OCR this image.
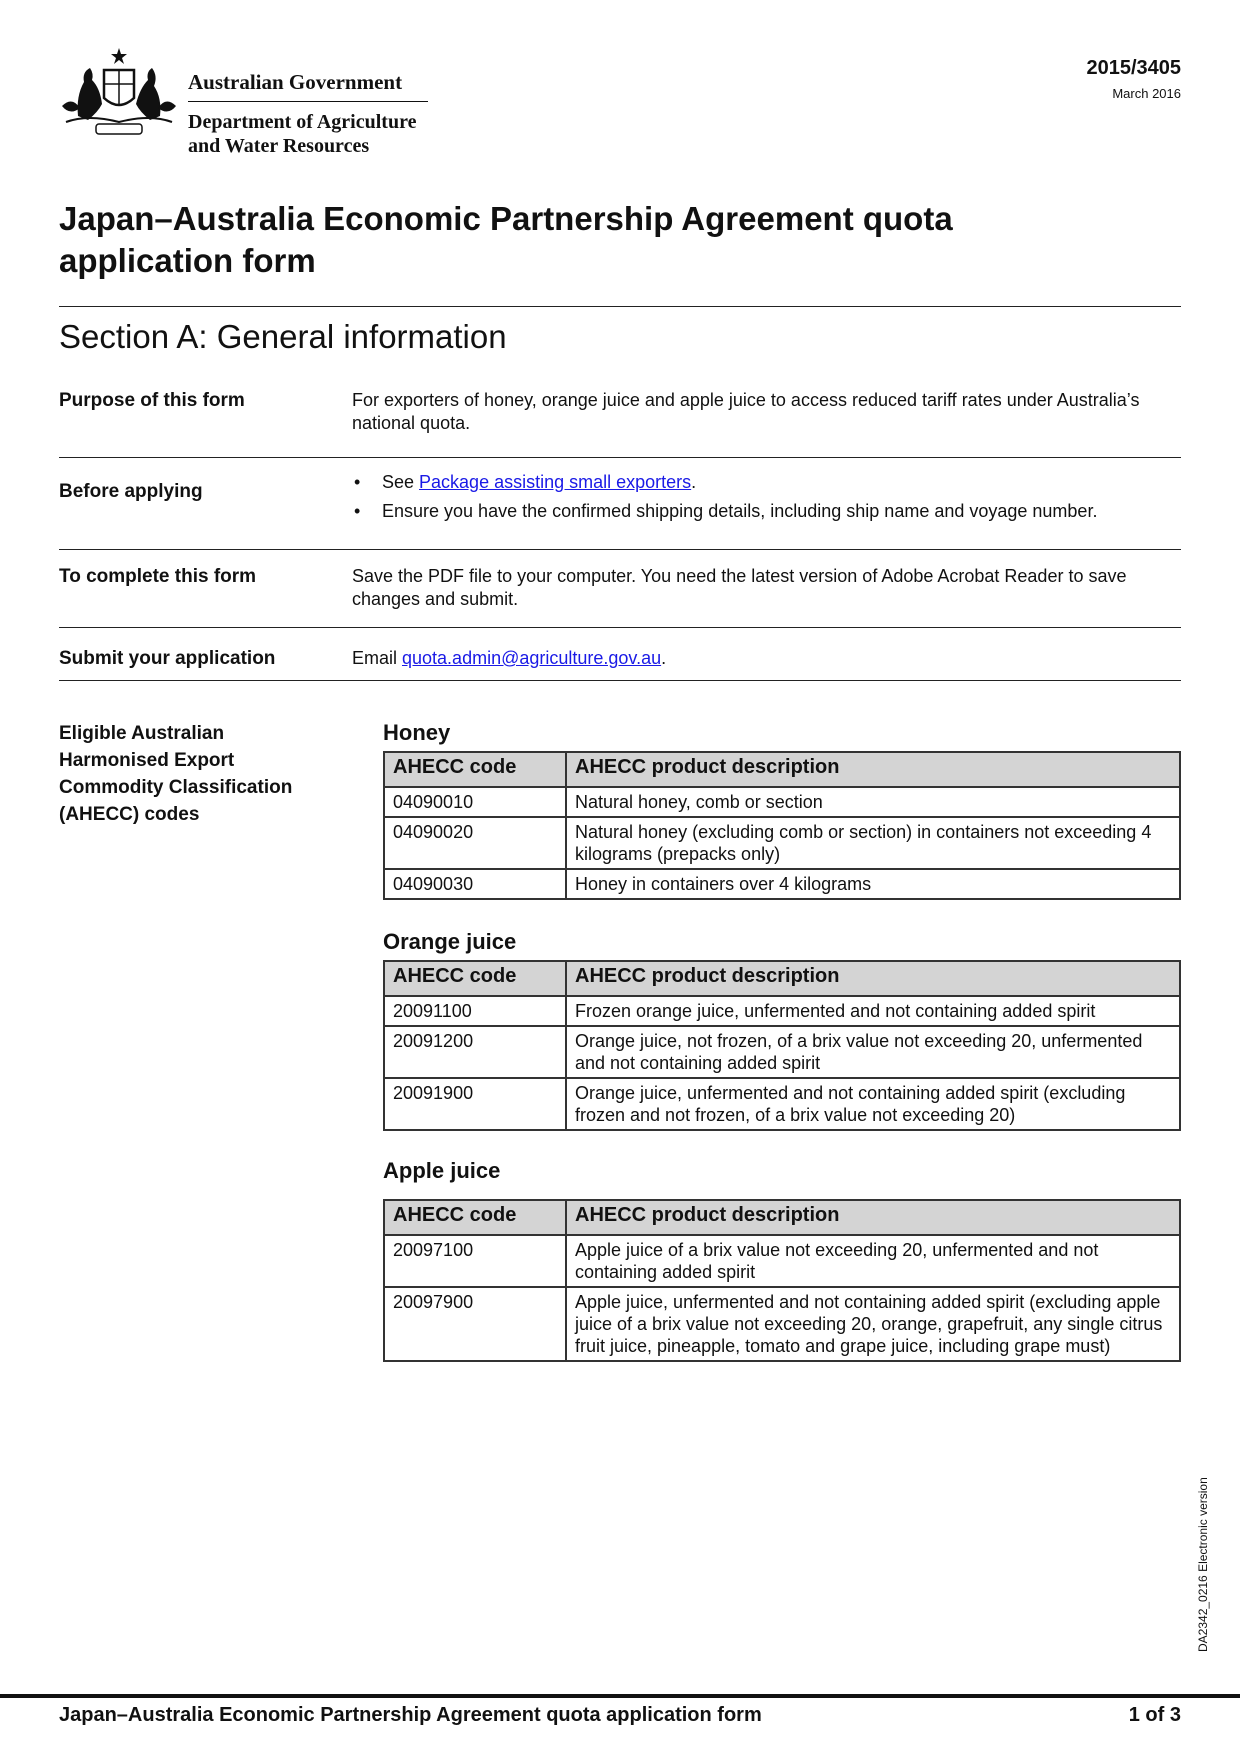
Australian Government
Department of Agriculture and Water Resources
2015/3405
March 2016
Japan–Australia Economic Partnership Agreement quota application form
Section A: General information
Purpose of this form	For exporters of honey, orange juice and apple juice to access reduced tariff rates under Australia’s national quota.
Before applying	• See Package assisting small exporters.
• Ensure you have the confirmed shipping details, including ship name and voyage number.
To complete this form	Save the PDF file to your computer. You need the latest version of Adobe Acrobat Reader to save changes and submit.
Submit your application	Email quota.admin@agriculture.gov.au.
Eligible Australian Harmonised Export Commodity Classification (AHECC) codes
Honey
AHECC code	AHECC product description
04090010	Natural honey, comb or section
04090020	Natural honey (excluding comb or section) in containers not exceeding 4 kilograms (prepacks only)
04090030	Honey in containers over 4 kilograms
Orange juice
AHECC code	AHECC product description
20091100	Frozen orange juice, unfermented and not containing added spirit
20091200	Orange juice, not frozen, of a brix value not exceeding 20, unfermented and not containing added spirit
20091900	Orange juice, unfermented and not containing added spirit (excluding frozen and not frozen, of a brix value not exceeding 20)
Apple juice
AHECC code	AHECC product description
20097100	Apple juice of a brix value not exceeding 20, unfermented and not containing added spirit
20097900	Apple juice, unfermented and not containing added spirit (excluding apple juice of a brix value not exceeding 20, orange, grapefruit, any single citrus fruit juice, pineapple, tomato and grape juice, including grape must)
DA2342_0216 Electronic version
Japan–Australia Economic Partnership Agreement quota application form	1 of 3
